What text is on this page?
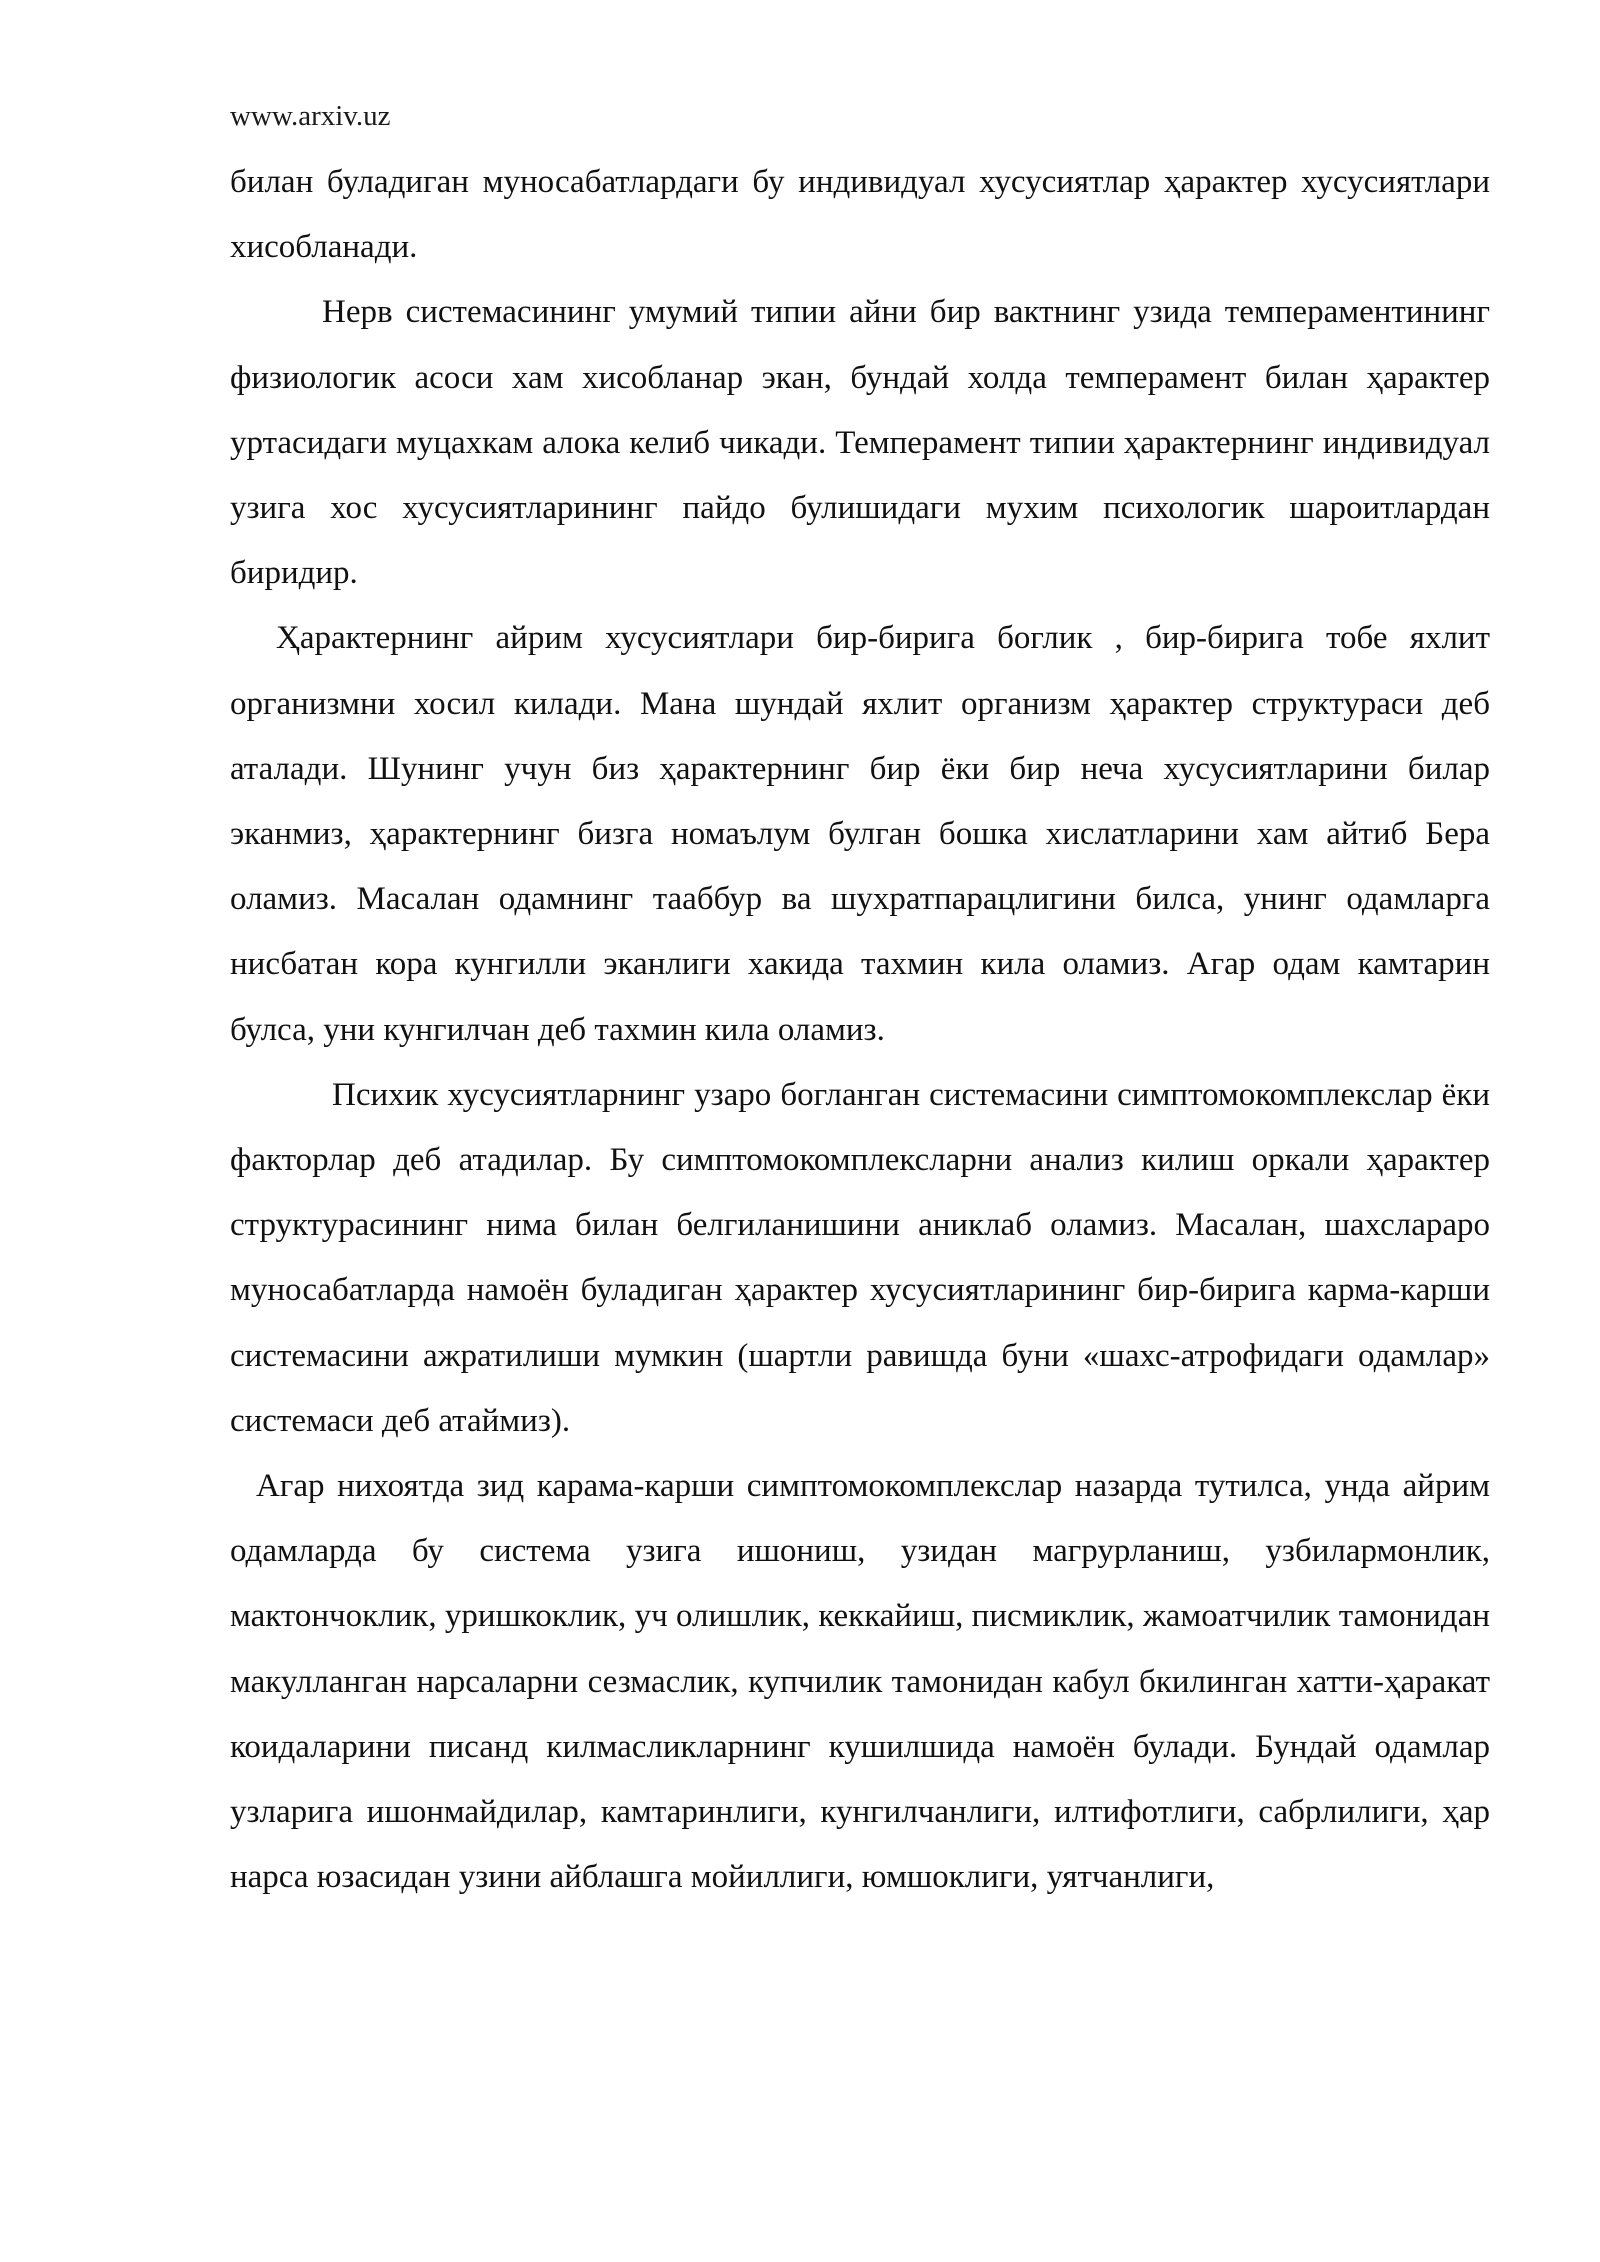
www.arxiv.uz

билан буладиган муносабатлардаги бу индивидуал хусусиятлар ҳарактер хусусиятлари хисобланади.

Нерв системасининг умумий типии айни бир вактнинг узида темпераментининг физиологик асоси хам хисобланар экан, бундай холда темперамент билан ҳарактер уртасидаги муцахкам алока келиб чикади. Темперамент типии ҳарактернинг индивидуал узига хос хусусиятларининг пайдо булишидаги мухим психологик шароитлардан биридир.

Ҳарактернинг айрим хусусиятлари бир-бирига боглик , бир-бирига тобе яхлит организмни хосил килади. Мана шундай яхлит организм ҳарактер структураси деб аталади. Шунинг учун биз ҳарактернинг бир ёки бир неча хусусиятларини билар эканмиз, ҳарактернинг бизга номаълум булган бошка хислатларини хам айтиб Бера оламиз. Масалан одамнинг тааббур ва шухратпарацлигини билса, унинг одамларга нисбатан кора кунгилли эканлиги хакида тахмин кила оламиз. Агар одам камтарин булса, уни кунгилчан деб тахмин кила оламиз.

Психик хусусиятларнинг узаро богланган системасини симптомокомплекслар ёки факторлар деб атадилар. Бу симптомокомплексларни анализ килиш оркали ҳарактер структурасининг нима билан белгиланишини аниклаб оламиз. Масалан, шахслараро муносабатларда намоён буладиган ҳарактер хусусиятларининг бир-бирига карма-карши системасини ажратилиши мумкин (шартли равишда буни «шахс-атрофидаги одамлар» системаси деб атаймиз).

Агар нихоятда зид карама-карши симптомокомплекслар назарда тутилса, унда айрим одамларда бу система узига ишониш, узидан магрурланиш, узбилармонлик, мактончоклик, уришкоклик, уч олишлик, кеккайиш, писмиклик, жамоатчилик тамонидан макулланган нарсаларни сезмаслик, купчилик тамонидан кабул бкилинган хатти-ҳаракат коидаларини писанд килмасликларнинг кушилшида намоён булади. Бундай одамлар узларига ишонмайдилар, камтаринлиги, кунгилчанлиги, илтифотлиги, сабрлилиги, ҳар нарса юзасидан узини айблашга мойиллиги, юмшоклиги, уятчанлиги,
